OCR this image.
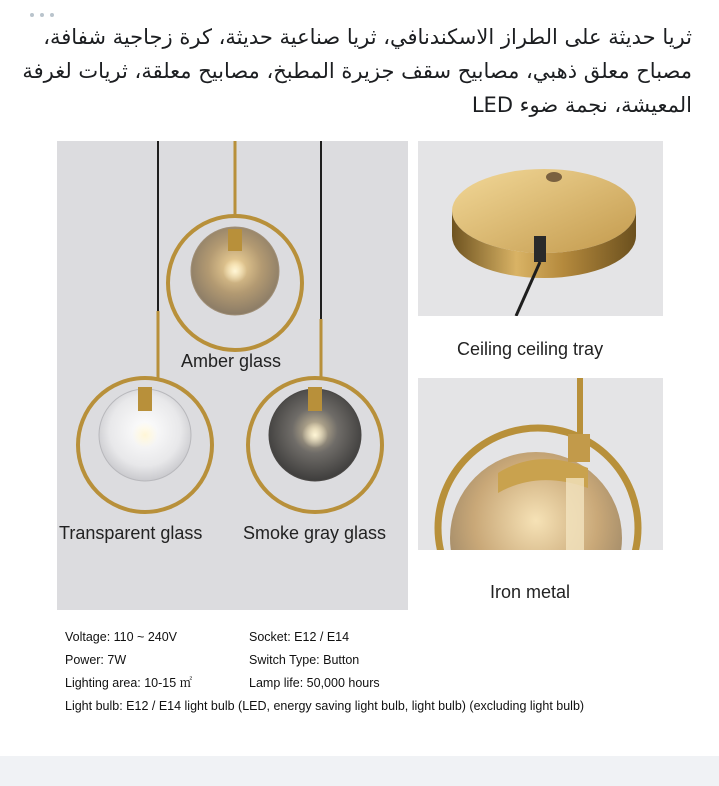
ثريا حديثة على الطراز الاسكندنافي، ثريا صناعية حديثة، كرة زجاجية شفافة، مصباح معلق ذهبي، مصابيح سقف جزيرة المطبخ، مصابيح معلقة، ثريات لغرفة المعيشة، نجمة ضوء LED
Amber glass
Transparent glass Smoke gray glass
Ceiling ceiling tray
Iron metal
Voltage: 110 ~ 240V	Socket: E12 / E14
Power: 7W	Switch Type: Button
Lighting area: 10-15 ㎡	Lamp life: 50,000 hours
Light bulb: E12 / E14 light bulb (LED, energy saving light bulb, light bulb) (excluding light bulb)
